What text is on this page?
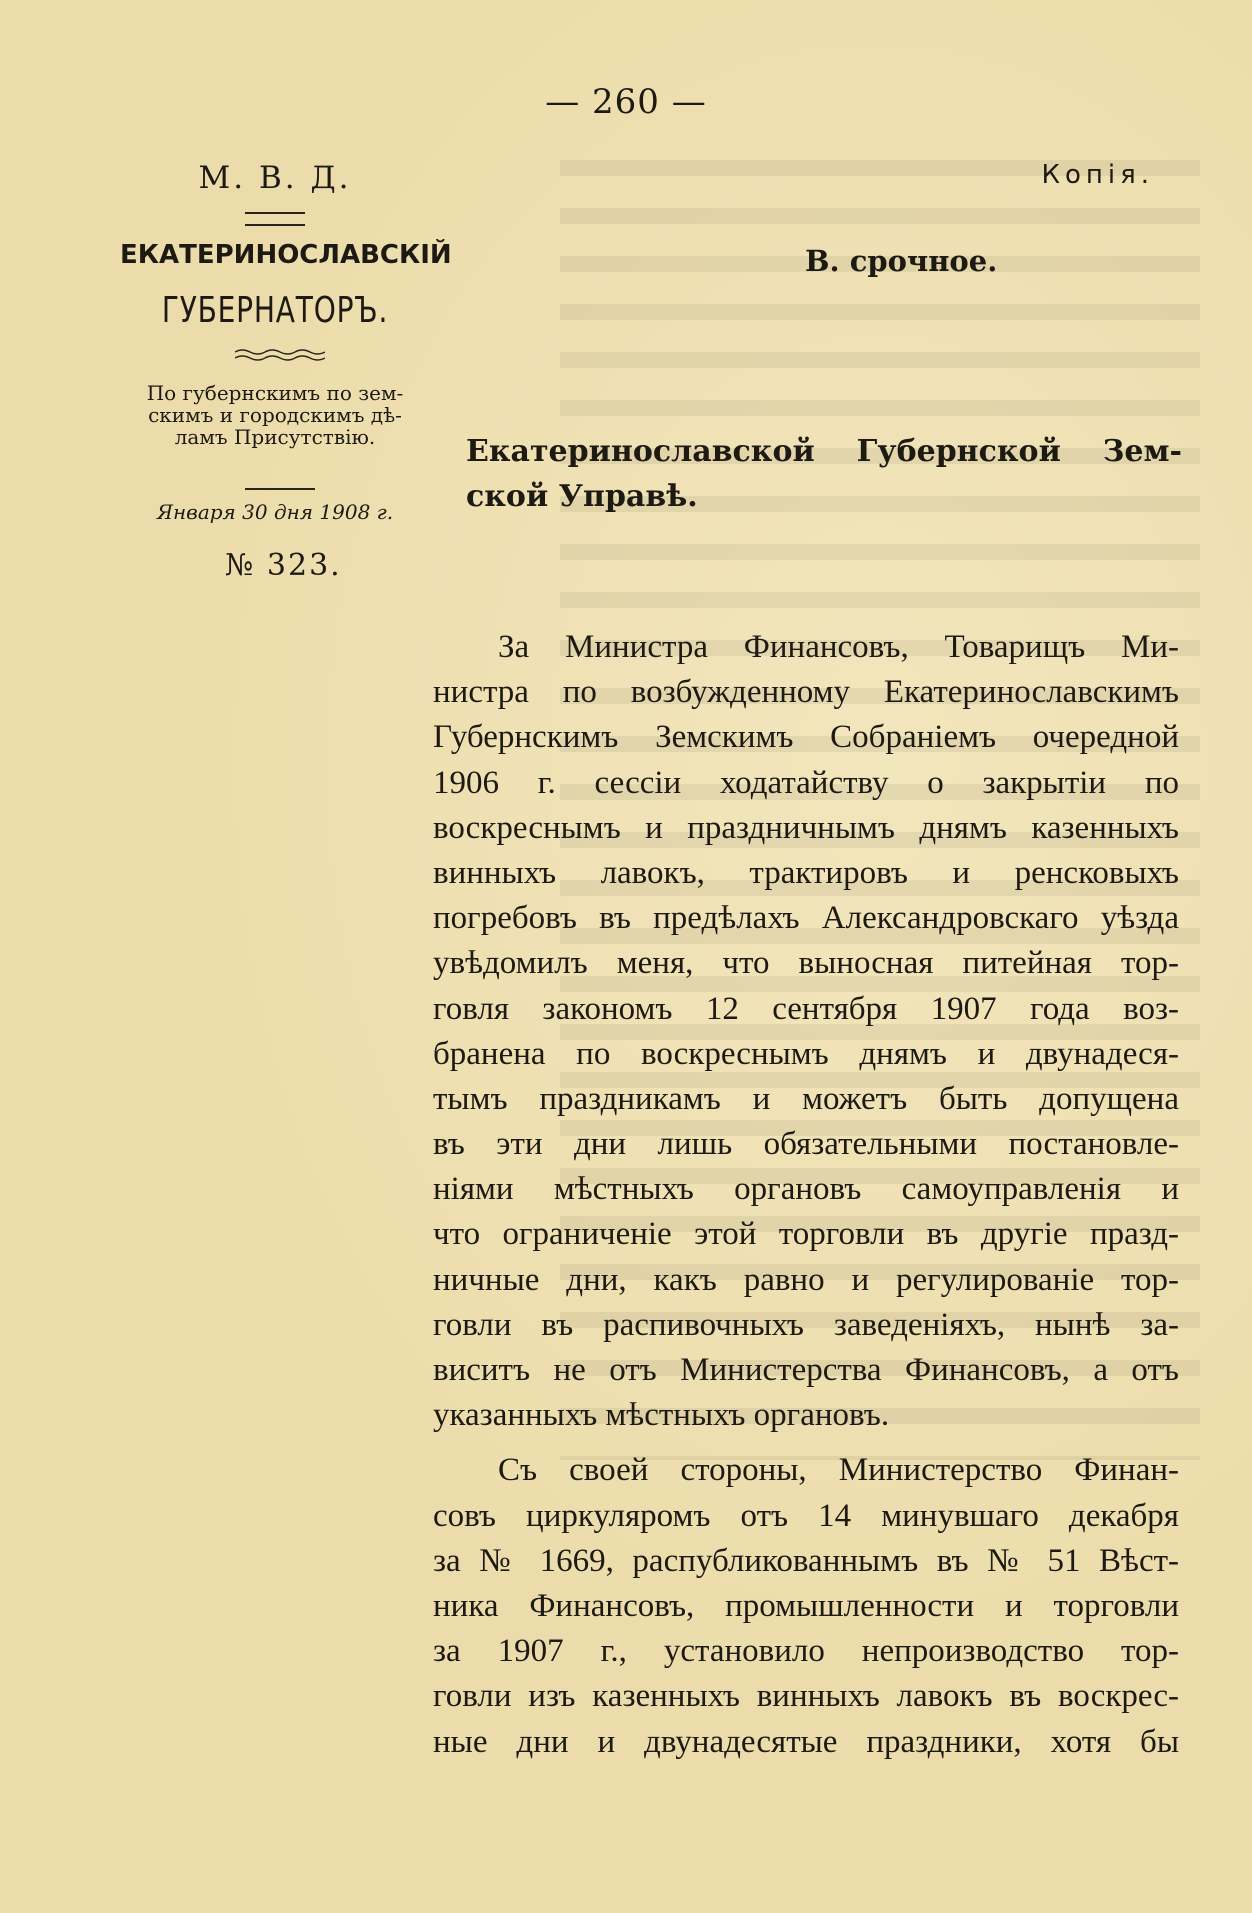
— 260 —
М. В. Д.
ЕКАТЕРИНОСЛАВСКІЙ
ГУБЕРНАТОРЪ.
По губернскимъ по зем-
скимъ и городскимъ дѣ-
ламъ Присутствію.
Января 30 дня 1908 г.
№ 323.
Копія.
В. срочное.
Екатеринославской Губернской Зем-
ской Управѣ.
За Министра Финансовъ, Товарищъ Ми-
нистра по возбужденному Екатеринославскимъ
Губернскимъ Земскимъ Собраніемъ очередной
1906 г. сессіи ходатайству о закрытіи по
воскреснымъ и праздничнымъ днямъ казенныхъ
винныхъ лавокъ, трактировъ и ренсковыхъ
погребовъ въ предѣлахъ Александровскаго уѣзда
увѣдомилъ меня, что выносная питейная тор-
говля закономъ 12 сентября 1907 года воз-
бранена по воскреснымъ днямъ и двунадеся-
тымъ праздникамъ и можетъ быть допущена
въ эти дни лишь обязательными постановле-
ніями мѣстныхъ органовъ самоуправленія и
что ограниченіе этой торговли въ другіе празд-
ничные дни, какъ равно и регулированіе тор-
говли въ распивочныхъ заведеніяхъ, нынѣ за-
виситъ не отъ Министерства Финансовъ, а отъ
указанныхъ мѣстныхъ органовъ.
Съ своей стороны, Министерство Финан-
совъ циркуляромъ отъ 14 минувшаго декабря
за № 1669, распубликованнымъ въ № 51 Вѣст-
ника Финансовъ, промышленности и торговли
за 1907 г., установило непроизводство тор-
говли изъ казенныхъ винныхъ лавокъ въ воскрес-
ные дни и двунадесятые праздники, хотя бы
